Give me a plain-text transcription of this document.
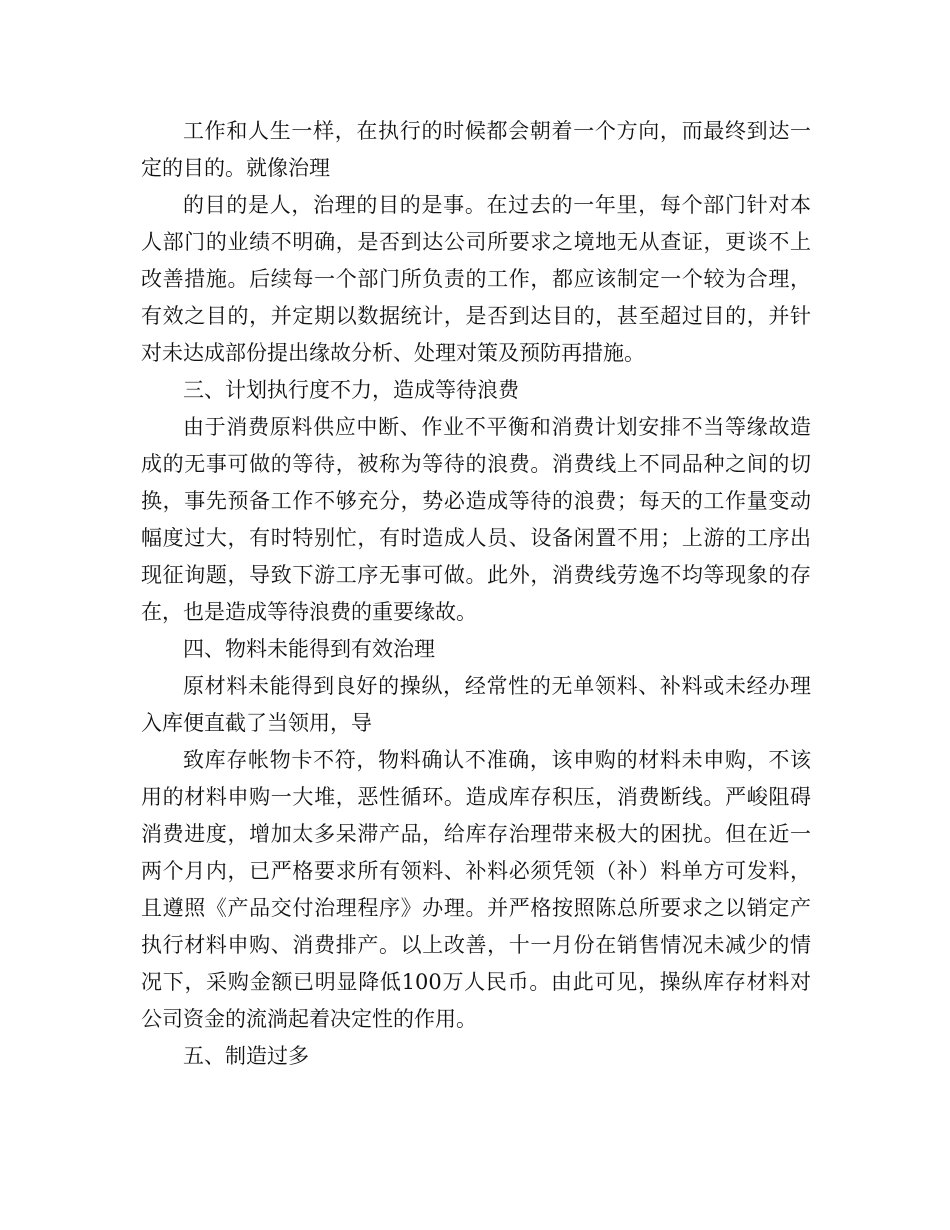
工作和人生一样，在执行的时候都会朝着一个方向，而最终到达一定的目的。就像治理

的目的是人，治理的目的是事。在过去的一年里，每个部门针对本人部门的业绩不明确，是否到达公司所要求之境地无从查证，更谈不上改善措施。后续每一个部门所负责的工作，都应该制定一个较为合理，有效之目的，并定期以数据统计，是否到达目的，甚至超过目的，并针对未达成部份提出缘故分析、处理对策及预防再措施。

三、计划执行度不力，造成等待浪费

由于消费原料供应中断、作业不平衡和消费计划安排不当等缘故造成的无事可做的等待，被称为等待的浪费。消费线上不同品种之间的切换，事先预备工作不够充分，势必造成等待的浪费；每天的工作量变动幅度过大，有时特别忙，有时造成人员、设备闲置不用；上游的工序出现征询题，导致下游工序无事可做。此外，消费线劳逸不均等现象的存在，也是造成等待浪费的重要缘故。

四、物料未能得到有效治理

原材料未能得到良好的操纵，经常性的无单领料、补料或未经办理入库便直截了当领用，导

致库存帐物卡不符，物料确认不准确，该申购的材料未申购，不该用的材料申购一大堆，恶性循环。造成库存积压，消费断线。严峻阻碍消费进度，增加太多呆滞产品，给库存治理带来极大的困扰。但在近一两个月内，已严格要求所有领料、补料必须凭领（补）料单方可发料，且遵照《产品交付治理程序》办理。并严格按照陈总所要求之以销定产执行材料申购、消费排产。以上改善，十一月份在销售情况未减少的情况下，采购金额已明显降低100万人民币。由此可见，操纵库存材料对公司资金的流淌起着决定性的作用。

五、制造过多
